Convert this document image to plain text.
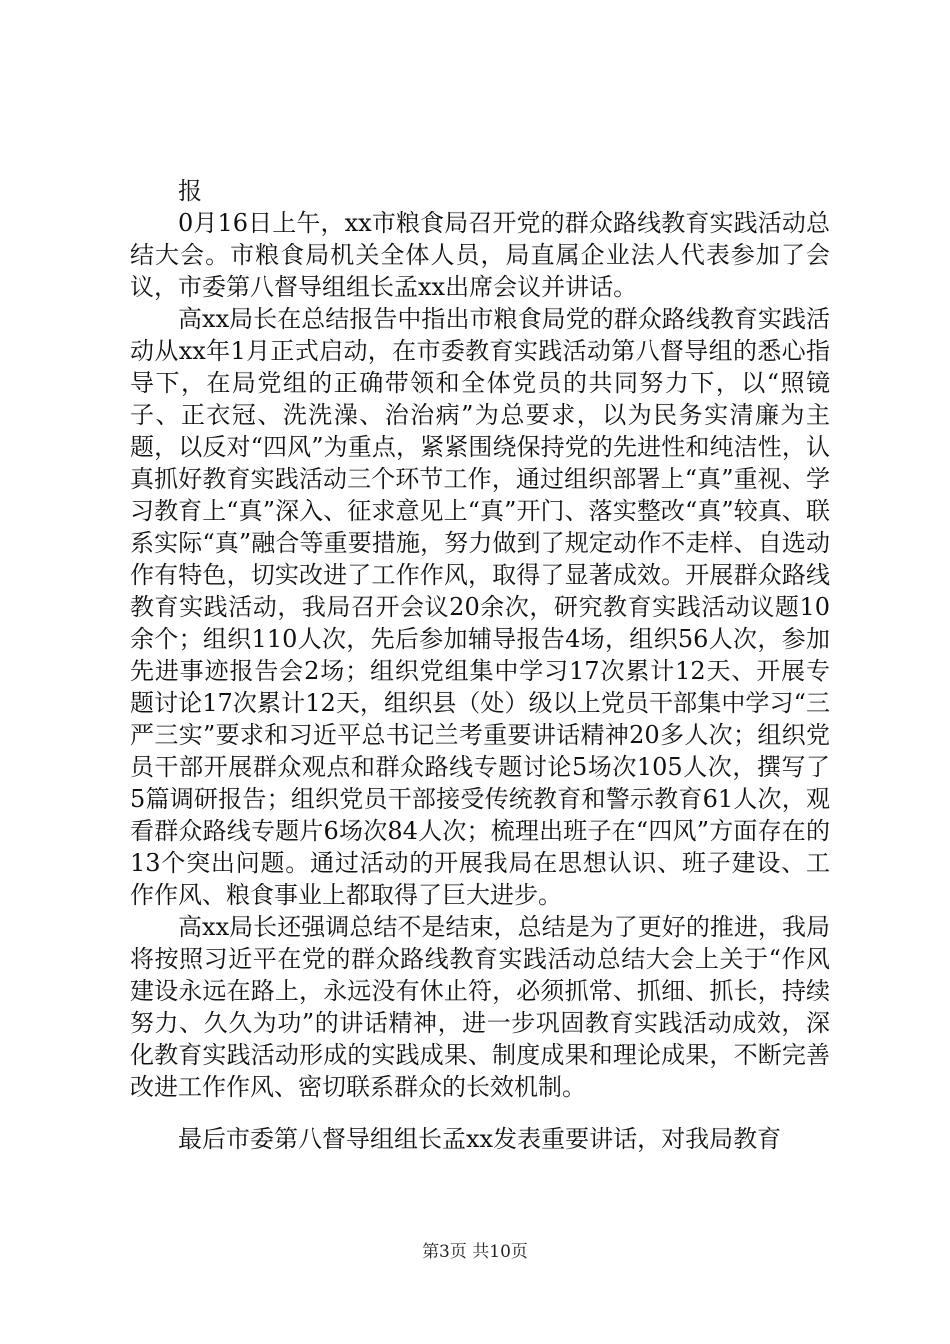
报

0月16日上午，xx市粮食局召开党的群众路线教育实践活动总结大会。市粮食局机关全体人员，局直属企业法人代表参加了会议，市委第八督导组组长孟xx出席会议并讲话。

高xx局长在总结报告中指出市粮食局党的群众路线教育实践活动从xx年1月正式启动，在市委教育实践活动第八督导组的悉心指导下，在局党组的正确带领和全体党员的共同努力下，以“照镜子、正衣冠、洗洗澡、治治病”为总要求，以为民务实清廉为主题，以反对“四风”为重点，紧紧围绕保持党的先进性和纯洁性，认真抓好教育实践活动三个环节工作，通过组织部署上“真”重视、学习教育上“真”深入、征求意见上“真”开门、落实整改“真”较真、联系实际“真”融合等重要措施，努力做到了规定动作不走样、自选动作有特色，切实改进了工作作风，取得了显著成效。开展群众路线教育实践活动，我局召开会议20余次，研究教育实践活动议题10余个；组织110人次，先后参加辅导报告4场，组织56人次，参加先进事迹报告会2场；组织党组集中学习17次累计12天、开展专题讨论17次累计12天，组织县（处）级以上党员干部集中学习“三严三实”要求和习近平总书记兰考重要讲话精神20多人次；组织党员干部开展群众观点和群众路线专题讨论5场次105人次，撰写了5篇调研报告；组织党员干部接受传统教育和警示教育61人次，观看群众路线专题片6场次84人次；梳理出班子在“四风”方面存在的13个突出问题。通过活动的开展我局在思想认识、班子建设、工作作风、粮食事业上都取得了巨大进步。

高xx局长还强调总结不是结束，总结是为了更好的推进，我局将按照习近平在党的群众路线教育实践活动总结大会上关于“作风建设永远在路上，永远没有休止符，必须抓常、抓细、抓长，持续努力、久久为功”的讲话精神，进一步巩固教育实践活动成效，深化教育实践活动形成的实践成果、制度成果和理论成果，不断完善改进工作作风、密切联系群众的长效机制。

最后市委第八督导组组长孟xx发表重要讲话，对我局教育

第3页 共10页
